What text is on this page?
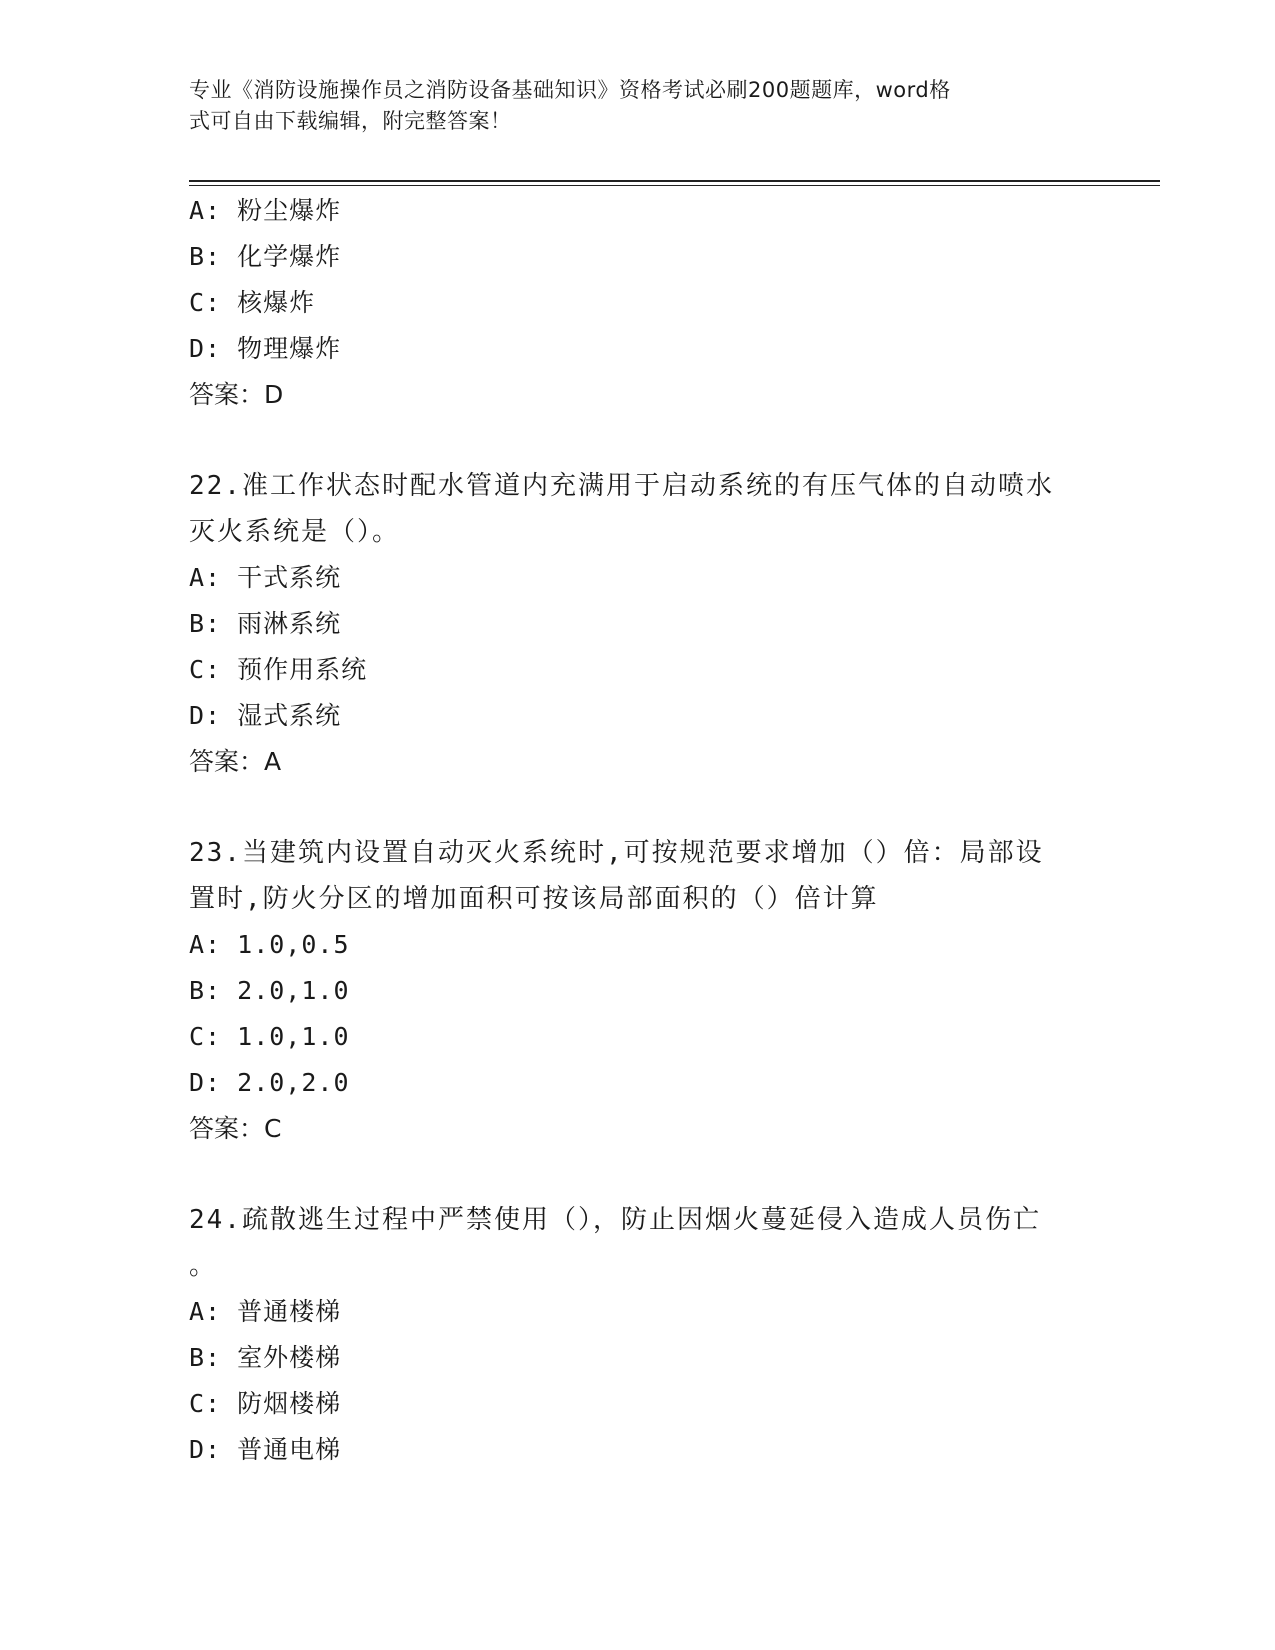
专业《消防设施操作员之消防设备基础知识》资格考试必刷200题题库，word格
式可自由下载编辑，附完整答案！
A: 粉尘爆炸
B: 化学爆炸
C: 核爆炸
D: 物理爆炸
答案：D
22.准工作状态时配水管道内充满用于启动系统的有压气体的自动喷水
灭火系统是（）。
A: 干式系统
B: 雨淋系统
C: 预作用系统
D: 湿式系统
答案：A
23.当建筑内设置自动灭火系统时,可按规范要求增加（）倍：局部设
置时,防火分区的增加面积可按该局部面积的（）倍计算
A: 1.0,0.5
B: 2.0,1.0
C: 1.0,1.0
D: 2.0,2.0
答案：C
24.疏散逃生过程中严禁使用（），防止因烟火蔓延侵入造成人员伤亡
。
A: 普通楼梯
B: 室外楼梯
C: 防烟楼梯
D: 普通电梯
